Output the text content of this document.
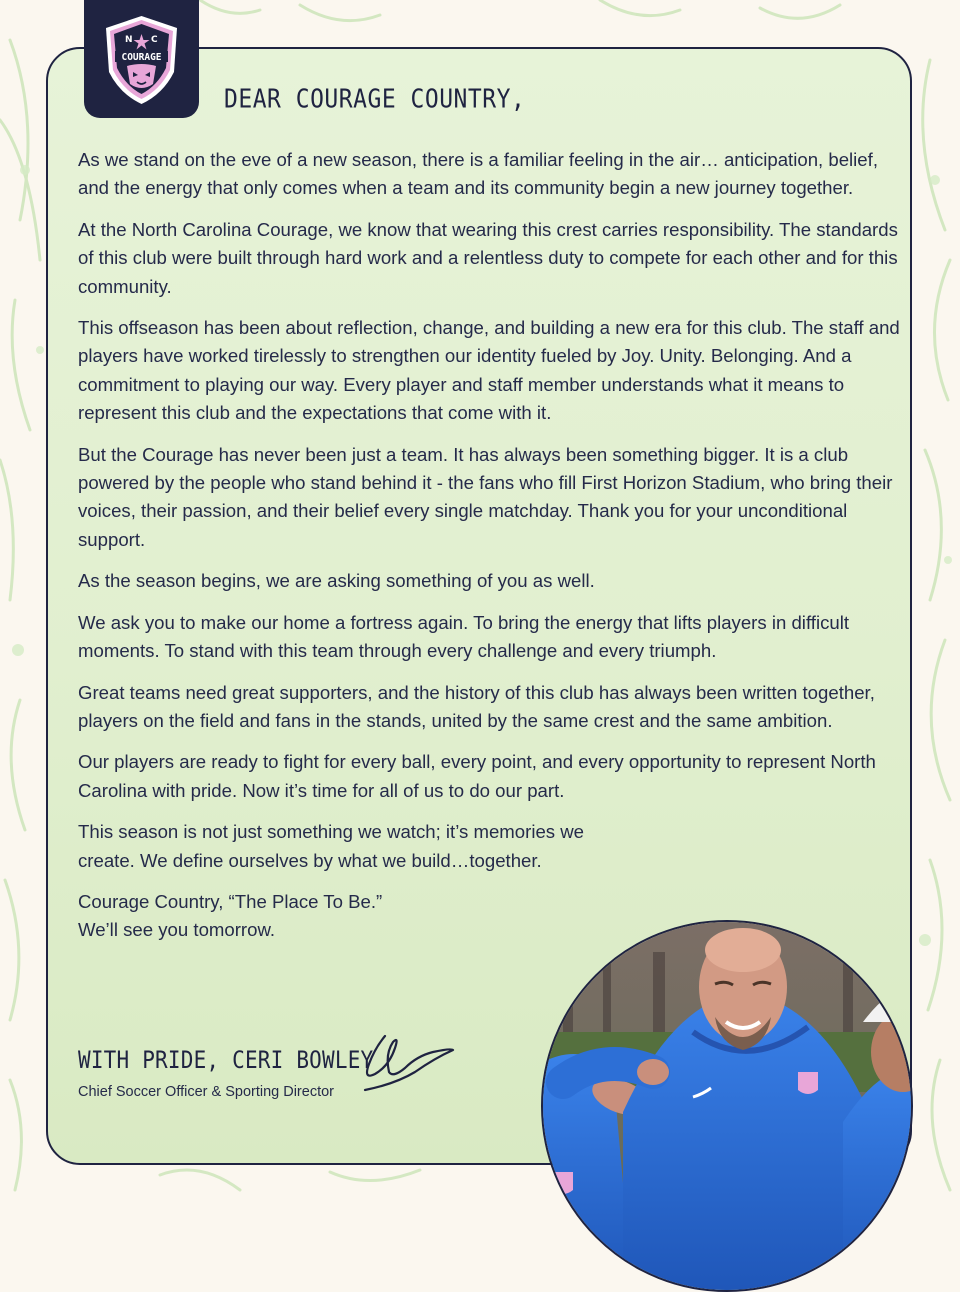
N C
COURAGE
DEAR COURAGE COUNTRY,

As we stand on the eve of a new season, there is a familiar feeling in the air… anticipation, belief, and the energy that only comes when a team and its community begin a new journey together.

At the North Carolina Courage, we know that wearing this crest carries responsibility. The standards of this club were built through hard work and a relentless duty to compete for each other and for this community.

This offseason has been about reflection, change, and building a new era for this club. The staff and players have worked tirelessly to strengthen our identity fueled by Joy. Unity. Belonging. And a commitment to playing our way. Every player and staff member understands what it means to represent this club and the expectations that come with it.

But the Courage has never been just a team. It has always been something bigger. It is a club powered by the people who stand behind it - the fans who fill First Horizon Stadium, who bring their voices, their passion, and their belief every single matchday. Thank you for your unconditional support.

As the season begins, we are asking something of you as well.

We ask you to make our home a fortress again. To bring the energy that lifts players in difficult moments. To stand with this team through every challenge and every triumph.

Great teams need great supporters, and the history of this club has always been written together, players on the field and fans in the stands, united by the same crest and the same ambition.

Our players are ready to fight for every ball, every point, and every opportunity to represent North Carolina with pride. Now it’s time for all of us to do our part.

This season is not just something we watch; it’s memories we create. We define ourselves by what we build…together.

Courage Country, “The Place To Be.” We’ll see you tomorrow.

WITH PRIDE, CERI BOWLEY

Chief Soccer Officer & Sporting Director
